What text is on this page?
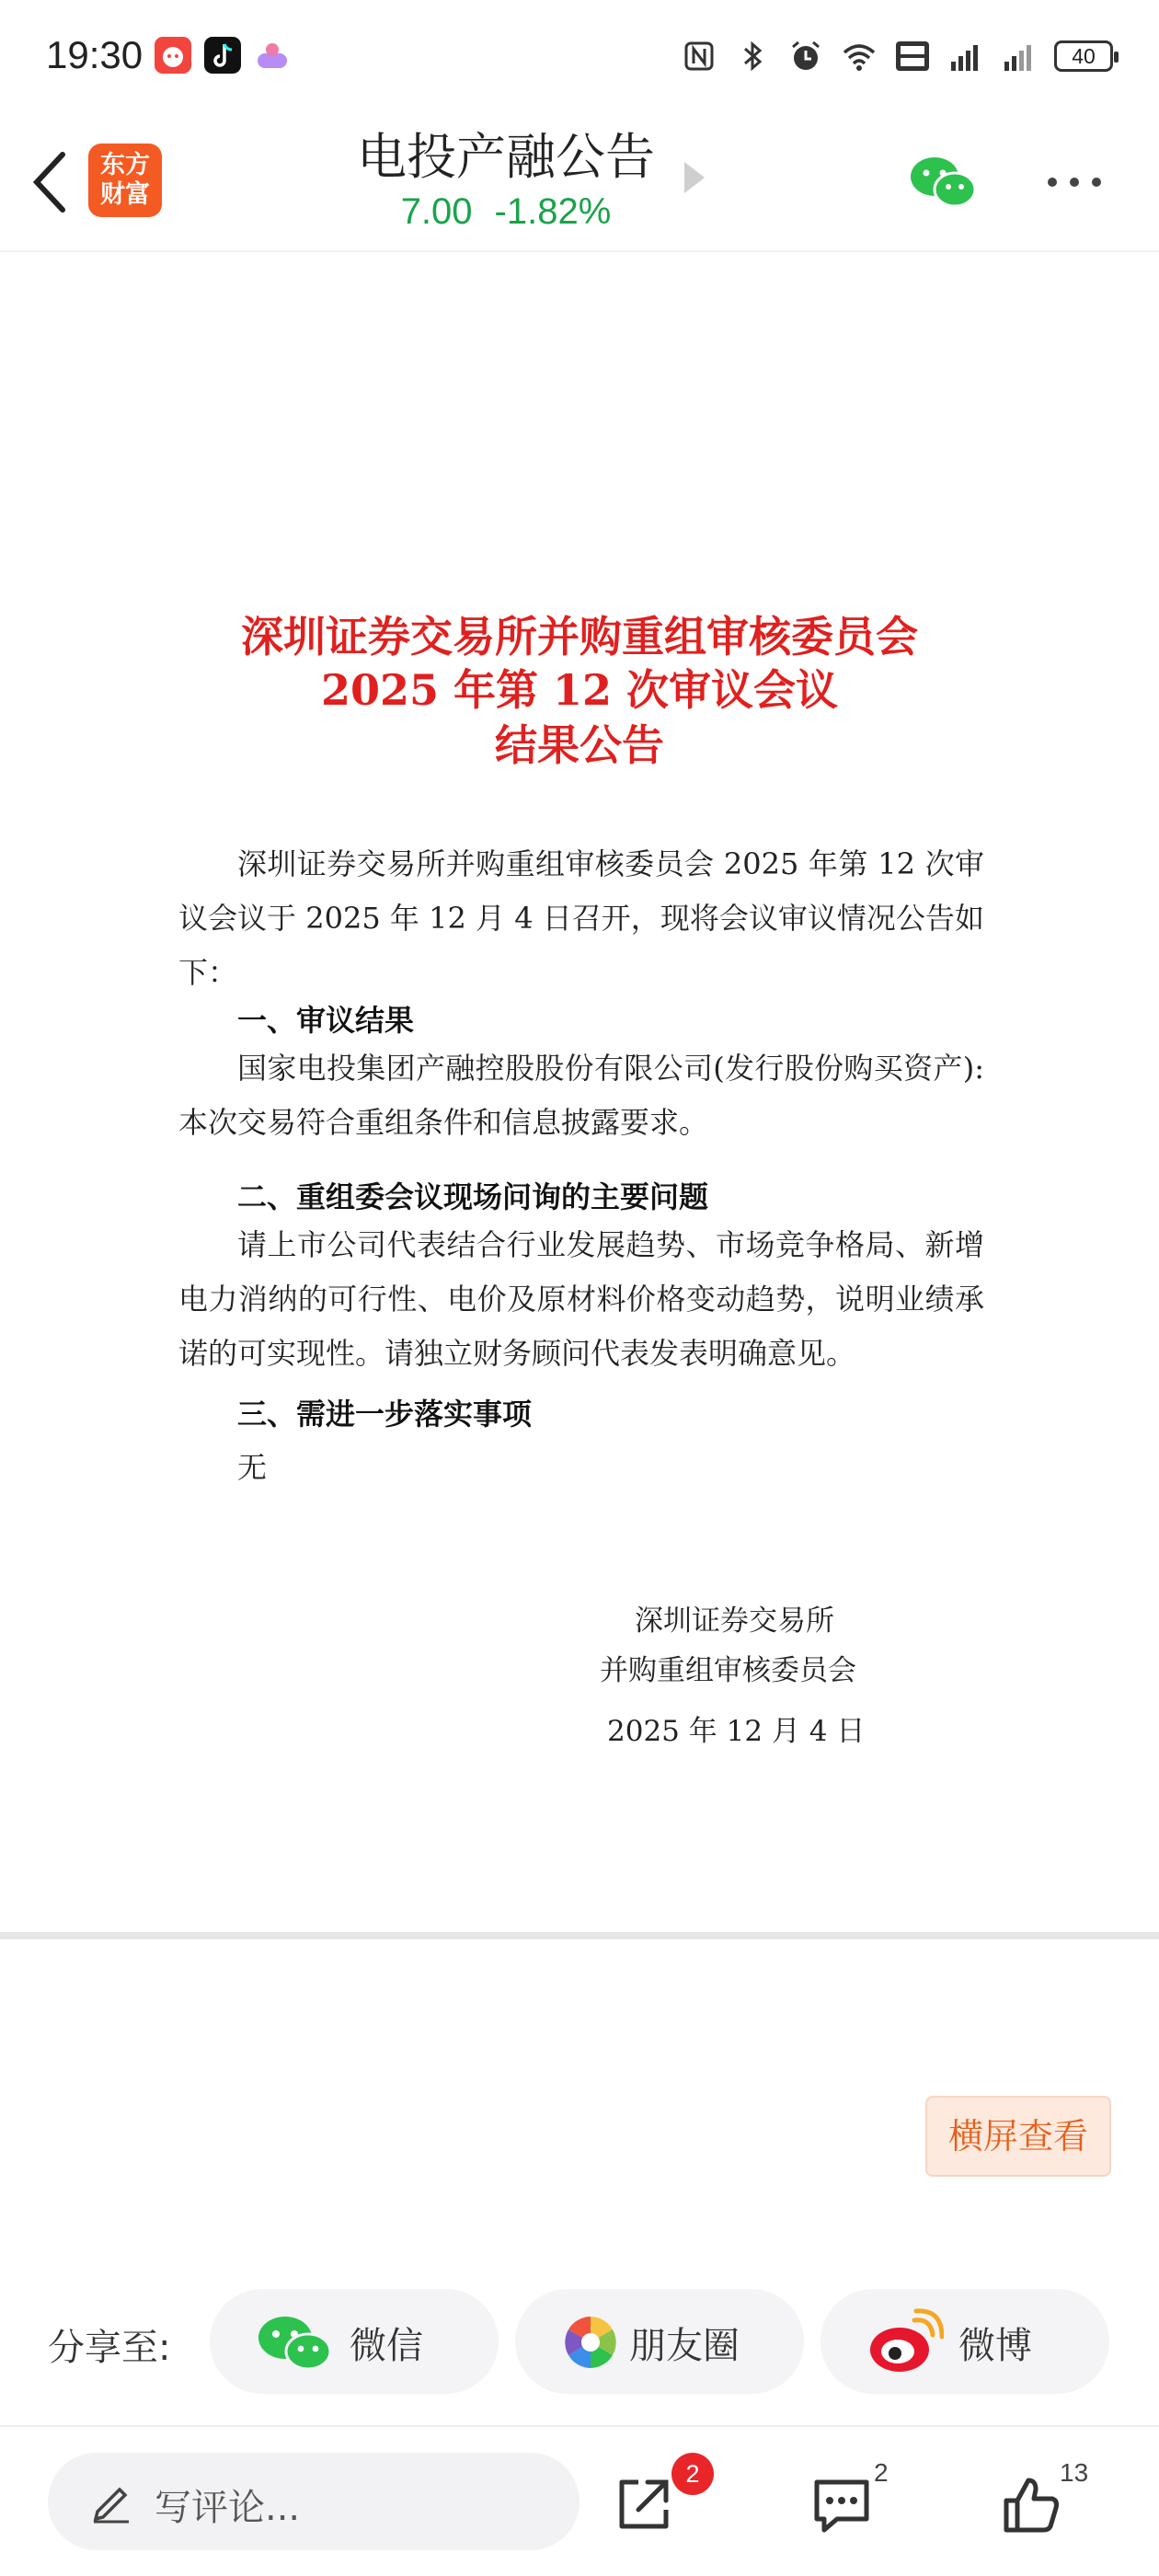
19:30	40
东方
财富
电投产融公告
7.00 -1.82%
深圳证券交易所并购重组审核委员会
2025 年第 12 次审议会议
结果公告
深圳证券交易所并购重组审核委员会 2025 年第 12 次审议会议于 2025 年 12 月 4 日召开，现将会议审议情况公告如下：
一、审议结果
国家电投集团产融控股股份有限公司(发行股份购买资产):本次交易符合重组条件和信息披露要求。
二、重组委会议现场问询的主要问题
请上市公司代表结合行业发展趋势、市场竞争格局、新增电力消纳的可行性、电价及原材料价格变动趋势，说明业绩承诺的可实现性。请独立财务顾问代表发表明确意见。
三、需进一步落实事项
无
深圳证券交易所
并购重组审核委员会
2025 年 12 月 4 日
横屏查看
分享至:	微信	朋友圈	微博
写评论...
2	2	13
